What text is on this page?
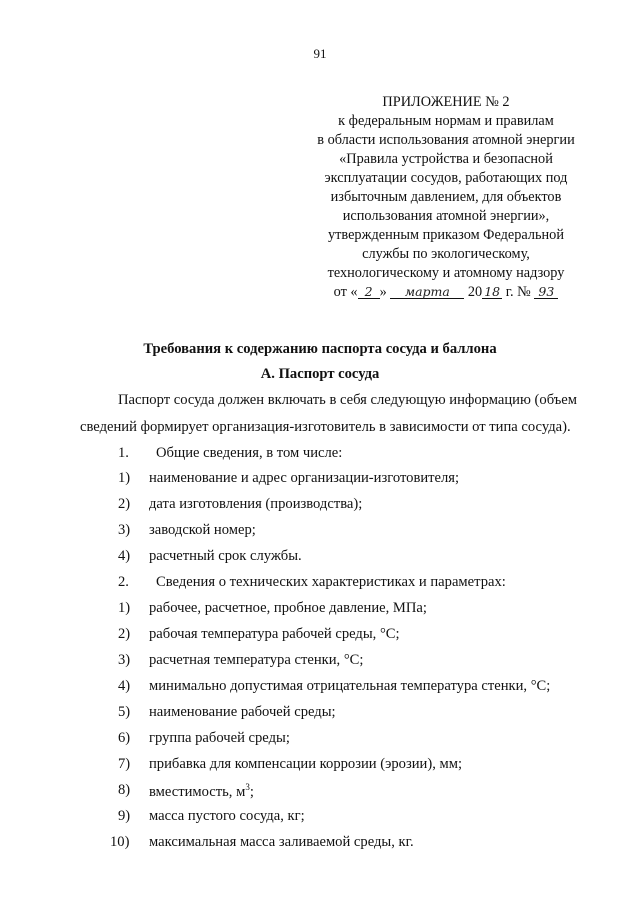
91
ПРИЛОЖЕНИЕ № 2
к федеральным нормам и правилам
в области использования атомной энергии
«Правила устройства и безопасной
эксплуатации сосудов, работающих под
избыточным давлением, для объектов
использования атомной энергии»,
утвержденным приказом Федеральной
службы по экологическому,
технологическому и атомному надзору
от « 2 » марта 20 18 г. № 93
Требования к содержанию паспорта сосуда и баллона
А. Паспорт сосуда
Паспорт сосуда должен включать в себя следующую информацию (объем
сведений формирует организация-изготовитель в зависимости от типа сосуда).
1. Общие сведения, в том числе:
1) наименование и адрес организации-изготовителя;
2) дата изготовления (производства);
3) заводской номер;
4) расчетный срок службы.
2. Сведения о технических характеристиках и параметрах:
1) рабочее, расчетное, пробное давление, МПа;
2) рабочая температура рабочей среды, °С;
3) расчетная температура стенки, °С;
4) минимально допустимая отрицательная температура стенки, °С;
5) наименование рабочей среды;
6) группа рабочей среды;
7) прибавка для компенсации коррозии (эрозии), мм;
8) вместимость, $м^3$;
9) масса пустого сосуда, кг;
10) максимальная масса заливаемой среды, кг.
